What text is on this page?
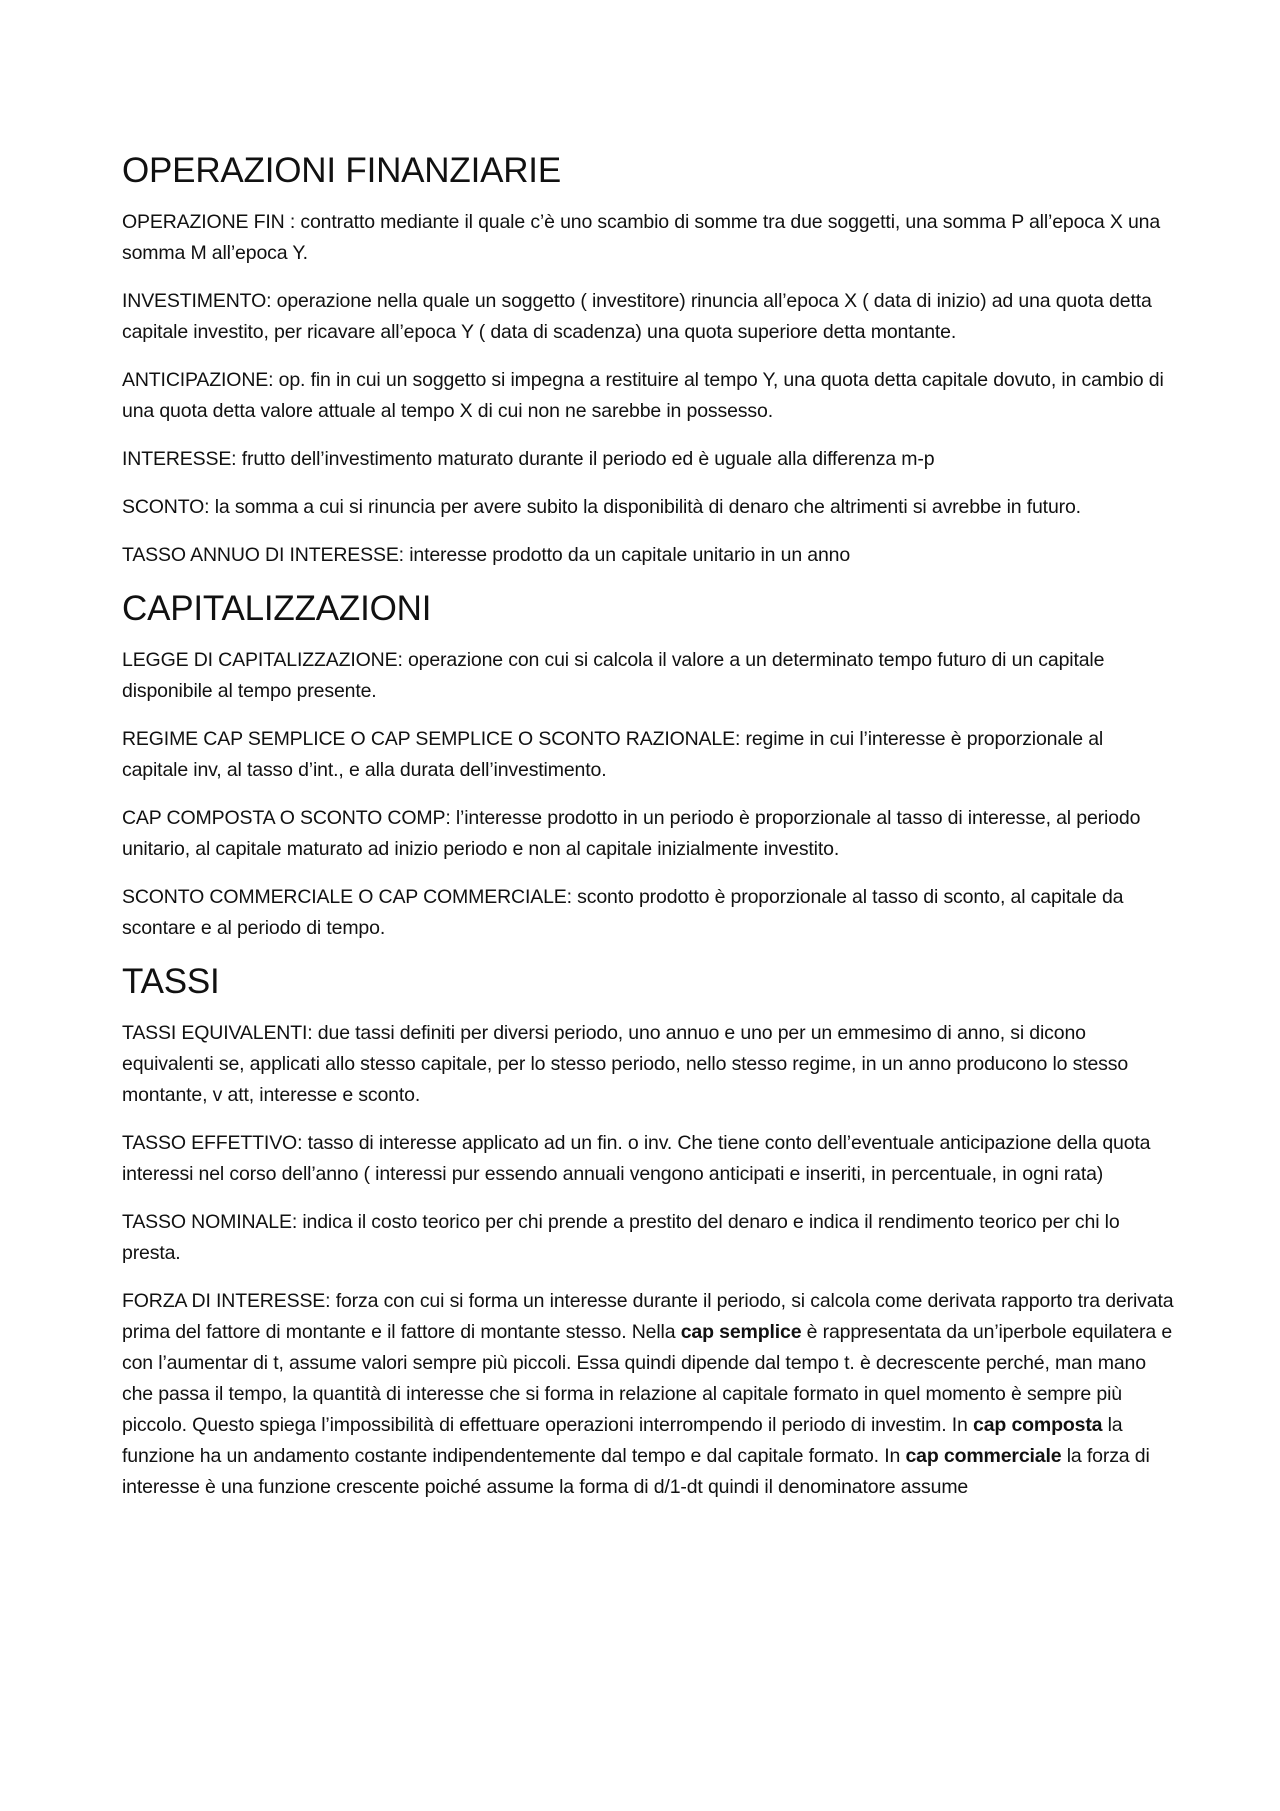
OPERAZIONI FINANZIARIE

OPERAZIONE FIN : contratto mediante il quale c’è uno scambio di somme tra due soggetti, una somma P all’epoca X una somma M all’epoca Y.

INVESTIMENTO: operazione nella quale un soggetto ( investitore) rinuncia all’epoca X ( data di inizio) ad una quota detta capitale investito, per ricavare all’epoca Y ( data di scadenza) una quota superiore detta montante.

ANTICIPAZIONE: op. fin in cui un soggetto si impegna a restituire al tempo Y, una quota detta capitale dovuto, in cambio di una quota detta valore attuale al tempo X di cui non ne sarebbe in possesso.

INTERESSE: frutto dell’investimento maturato durante il periodo ed è uguale alla differenza m-p

SCONTO: la somma a cui si rinuncia per avere subito la disponibilità di denaro che altrimenti si avrebbe in futuro.

TASSO ANNUO DI INTERESSE: interesse prodotto da un capitale unitario in un anno

CAPITALIZZAZIONI

LEGGE DI CAPITALIZZAZIONE: operazione con cui si calcola il valore a un determinato tempo futuro di un capitale disponibile al tempo presente.

REGIME CAP SEMPLICE O CAP SEMPLICE O SCONTO RAZIONALE: regime in cui l’interesse è proporzionale al capitale inv, al tasso d’int., e alla durata dell’investimento.

CAP COMPOSTA O SCONTO COMP: l’interesse prodotto in un periodo è proporzionale al tasso di interesse, al periodo unitario, al capitale maturato ad inizio periodo e non al capitale inizialmente investito.

SCONTO COMMERCIALE O CAP COMMERCIALE: sconto prodotto è proporzionale al tasso di sconto, al capitale da scontare e al periodo di tempo.

TASSI

TASSI EQUIVALENTI: due tassi definiti per diversi periodo, uno annuo e uno per un emmesimo di anno, si dicono equivalenti se, applicati allo stesso capitale, per lo stesso periodo, nello stesso regime, in un anno producono lo stesso montante, v att, interesse e sconto.

TASSO EFFETTIVO: tasso di interesse applicato ad un fin. o inv. Che tiene conto dell’eventuale anticipazione della quota interessi nel corso dell’anno ( interessi pur essendo annuali vengono anticipati e inseriti, in percentuale, in ogni rata)

TASSO NOMINALE: indica il costo teorico per chi prende a prestito del denaro e indica il rendimento teorico per chi lo presta.

FORZA DI INTERESSE: forza con cui si forma un interesse durante il periodo, si calcola come derivata rapporto tra derivata prima del fattore di montante e il fattore di montante stesso. Nella cap semplice è rappresentata da un’iperbole equilatera e con l’aumentar di t, assume valori sempre più piccoli. Essa quindi dipende dal tempo t. è decrescente perché, man mano che passa il tempo, la quantità di interesse che si forma in relazione al capitale formato in quel momento è sempre più piccolo. Questo spiega l’impossibilità di effettuare operazioni interrompendo il periodo di investim. In cap composta la funzione ha un andamento costante indipendentemente dal tempo e dal capitale formato. In cap commerciale la forza di interesse è una funzione crescente poiché assume la forma di d/1-dt quindi il denominatore assume
